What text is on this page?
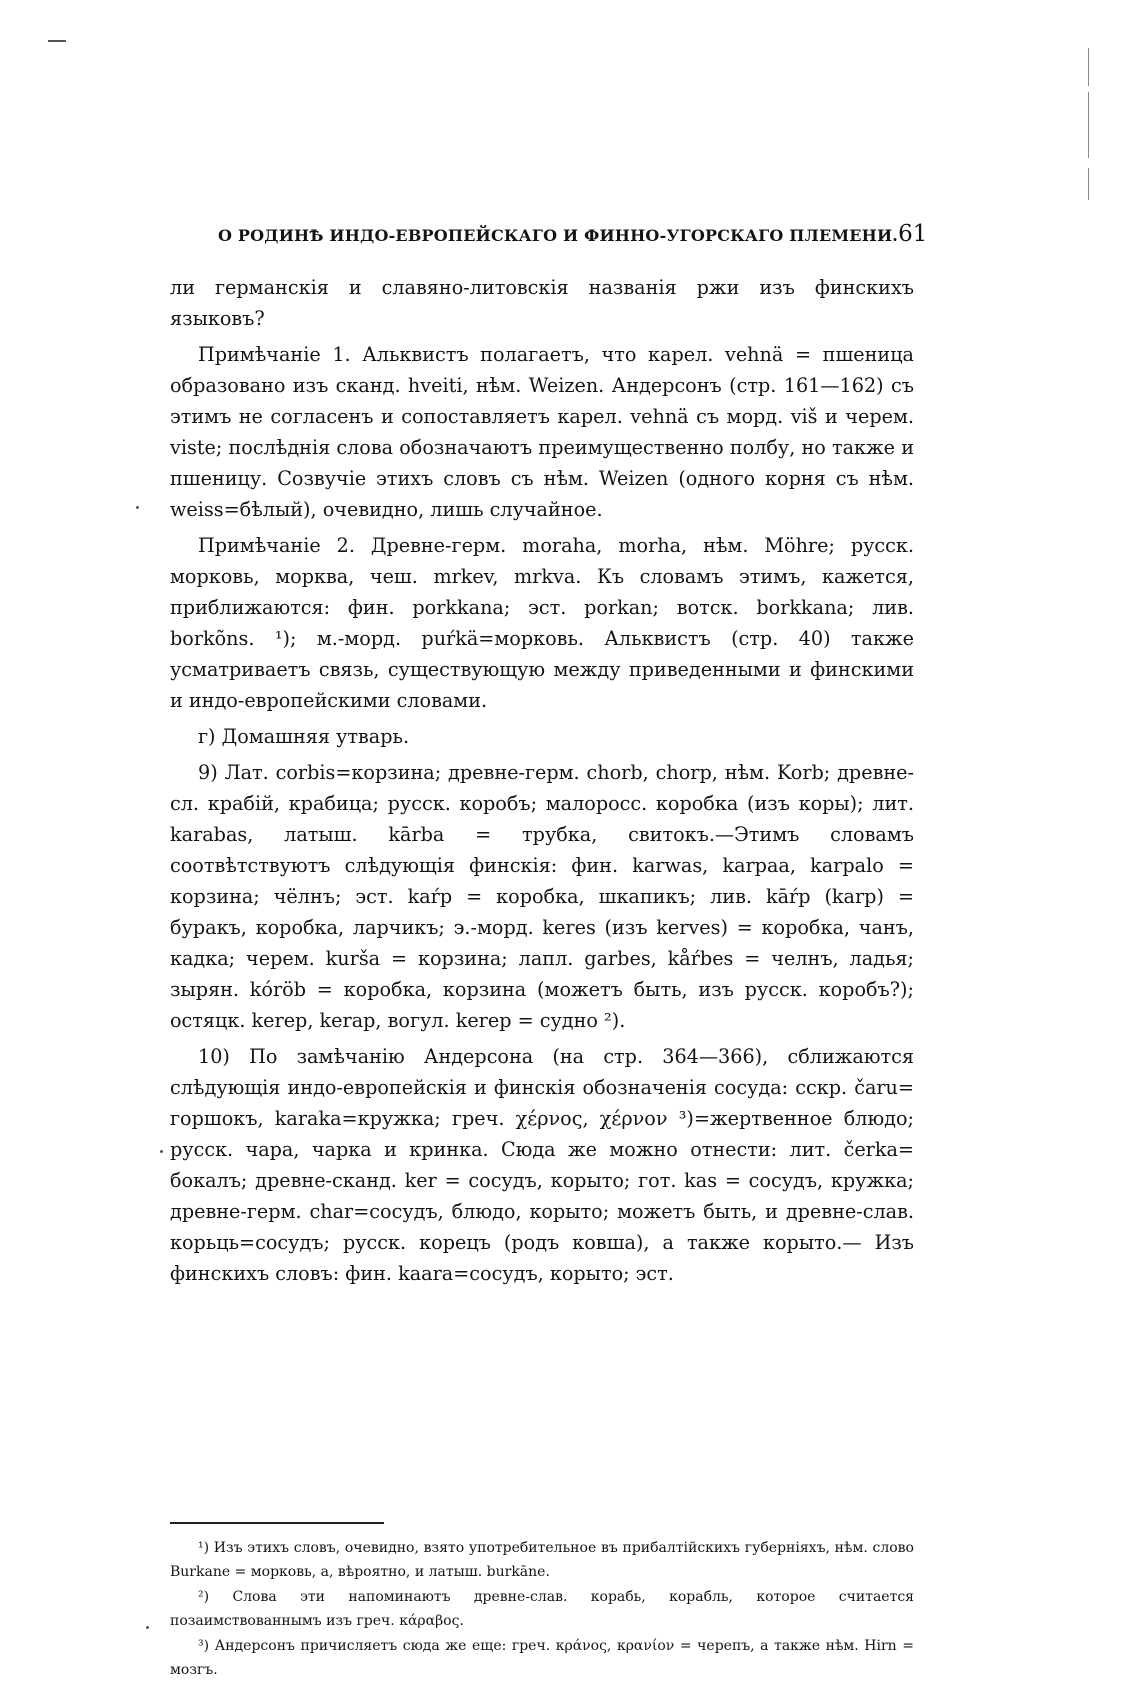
О РОДИНѢ ИНДО-ЕВРОПЕЙСКАГО И ФИННО-УГОРСКАГО ПЛЕМЕНИ. 61

ли германскія и славяно-литовскія названія ржи изъ финскихъ языковъ?

Примѣчаніе 1. Альквистъ полагаетъ, что карел. vehnä = пшеница образовано изъ сканд. hveiti, нѣм. Weizen. Андерсонъ (стр. 161—162) съ этимъ не согласенъ и сопоставляетъ карел. vehnä съ морд. viš и черем. viste; послѣднія слова обозначаютъ преимущественно полбу, но также и пшеницу. Созвучіе этихъ словъ съ нѣм. Weizen (одного корня съ нѣм. weiss=бѣлый), очевидно, лишь случайное.

Примѣчаніе 2. Древне-герм. moraha, morha, нѣм. Möhre; русск. морковь, морква, чеш. mrkev, mrkva. Къ словамъ этимъ, кажется, приближаются: фин. porkkana; эст. porkan; вотск. borkkana; лив. borkõns. ¹); м.-морд. puŕkä=морковь. Альквистъ (стр. 40) также усматриваетъ связь, существующую между приведенными и финскими и индо-европейскими словами.

г) Домашняя утварь.

9) Лат. corbis=корзина; древне-герм. chorb, chorp, нѣм. Korb; древне-сл. крабій, крабица; русск. коробъ; малоросс. коробка (изъ коры); лит. karabas, латыш. kārba = трубка, свитокъ.—Этимъ словамъ соотвѣтствуютъ слѣдующія финскія: фин. karwas, karpaa, karpalo = корзина; чёлнъ; эст. kaŕp = коробка, шкапикъ; лив. kāŕp (karp) = буракъ, коробка, ларчикъ; э.-морд. keres (изъ kerves) = коробка, чанъ, кадка; черем. kurša = корзина; лапл. garbes, kåŕbes = челнъ, ладья; зырян. kóröb = коробка, корзина (можетъ быть, изъ русск. коробъ?); остяцк. kerep, kerap, вогул. kerep = судно ²).

10) По замѣчанію Андерсона (на стр. 364—366), сближаются слѣдующія индо-европейскія и финскія обозначенія сосуда: сскр. čaru= горшокъ, karaka=кружка; греч. χέρνος, χέρνον ³)=жертвенное блюдо; русск. чара, чарка и кринка. Сюда же можно отнести: лит. čerka= бокалъ; древне-сканд. ker = сосудъ, корыто; гот. kas = сосудъ, кружка; древне-герм. char=сосудъ, блюдо, корыто; можетъ быть, и древне-слав. корьць=сосудъ; русск. корецъ (родъ ковша), а также корыто.— Изъ финскихъ словъ: фин. kaara=сосудъ, корыто; эст.

¹) Изъ этихъ словъ, очевидно, взято употребительное въ прибалтійскихъ губерніяхъ, нѣм. слово Burkane = морковь, а, вѣроятно, и латыш. burkāne.

²) Слова эти напоминаютъ древне-слав. корабь, корабль, которое считается позаимствованнымъ изъ греч. κάραβος.

³) Андерсонъ причисляетъ сюда же еще: греч. κράνος, κρανίον = черепъ, а также нѣм. Hirn = мозгъ.
